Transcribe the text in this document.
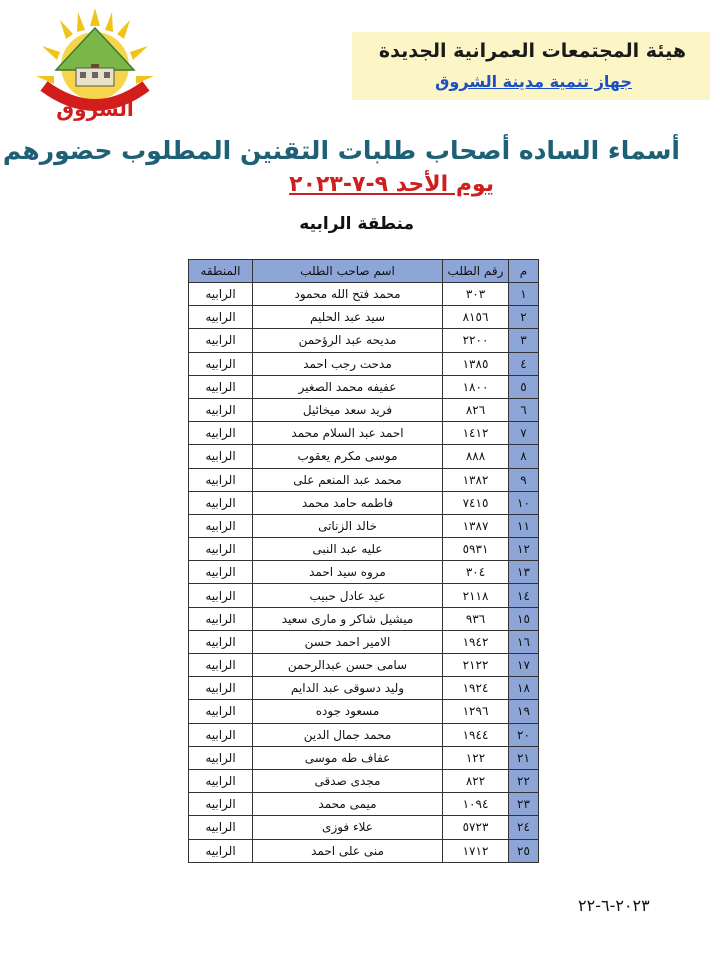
الشروق
هيئة المجتمعات العمرانية الجديدة
جهاز تنمية مدينة الشروق
أسماء الساده أصحاب طلبات التقنين المطلوب حضورهم
يوم الأحد ٩-٧-٢٠٢٣
منطقة الرابيه
م	رقم الطلب	اسم صاحب الطلب	المنطقه
١	٣٠٣	محمد فتح الله محمود	الرابيه
٢	٨١٥٦	سيد عبد الحليم	الرابيه
٣	٢٢٠٠	مديحه عبد الرؤحمن	الرابيه
٤	١٣٨٥	مدحت رجب احمد	الرابيه
٥	١٨٠٠	عفيفه محمد الصغير	الرابيه
٦	٨٢٦	فريد سعد ميخائيل	الرابيه
٧	١٤١٢	احمد عبد السلام محمد	الرابيه
٨	٨٨٨	موسى مكرم يعقوب	الرابيه
٩	١٣٨٢	محمد عبد المنعم على	الرابيه
١٠	٧٤١٥	فاطمه حامد محمد	الرابيه
١١	١٣٨٧	خالد الزناتى	الرابيه
١٢	٥٩٣١	عليه عبد النبى	الرابيه
١٣	٣٠٤	مروه سيد احمد	الرابيه
١٤	٢١١٨	عيد عادل حبيب	الرابيه
١٥	٩٣٦	ميشيل شاكر و مارى سعيد	الرابيه
١٦	١٩٤٢	الامير احمد حسن	الرابيه
١٧	٢١٢٢	سامى حسن عبدالرحمن	الرابيه
١٨	١٩٢٤	وليد دسوقى عبد الدايم	الرابيه
١٩	١٢٩٦	مسعود جوده	الرابيه
٢٠	١٩٤٤	محمد جمال الدين	الرابيه
٢١	١٢٢	عفاف طه موسى	الرابيه
٢٢	٨٢٢	مجدى صدقى	الرابيه
٢٣	١٠٩٤	ميمى محمد	الرابيه
٢٤	٥٧٢٣	علاء فوزى	الرابيه
٢٥	١٧١٢	منى على احمد	الرابيه
٢٠٢٣-٦-٢٢
